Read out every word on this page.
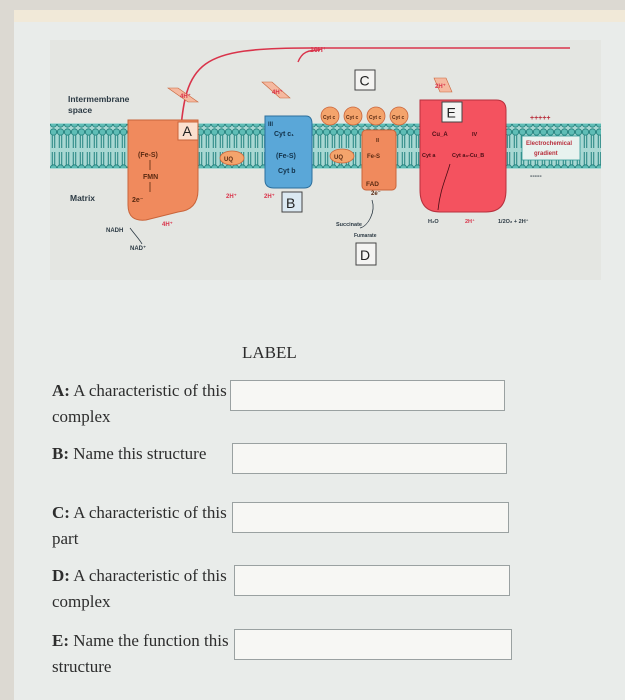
10H⁺
Intermembrane
space
Matrix
A
(Fe-S)
FMN
2e⁻
NADH
NAD⁺
4H⁺
4H⁺
UQ	UQ
III
Cyt c₁
(Fe-S)
Cyt b
B
4H⁺
2H⁺	2H⁺
Cyt c Cyt c Cyt c Cyt c
C
II
Fe-S
FAD
2e⁻
Succinate
Fumarate
D
E
Cu_A	IV
Cyt a	Cyt a₃-Cu_B
2H⁺
H₂O	2H⁺	1/2O₂ + 2H⁺
+++++
Electrochemical
gradient
-----
LABEL
A: A characteristic of this complex
B: Name this structure
C: A characteristic of this part
D: A characteristic of this complex
E: Name the function this structure
